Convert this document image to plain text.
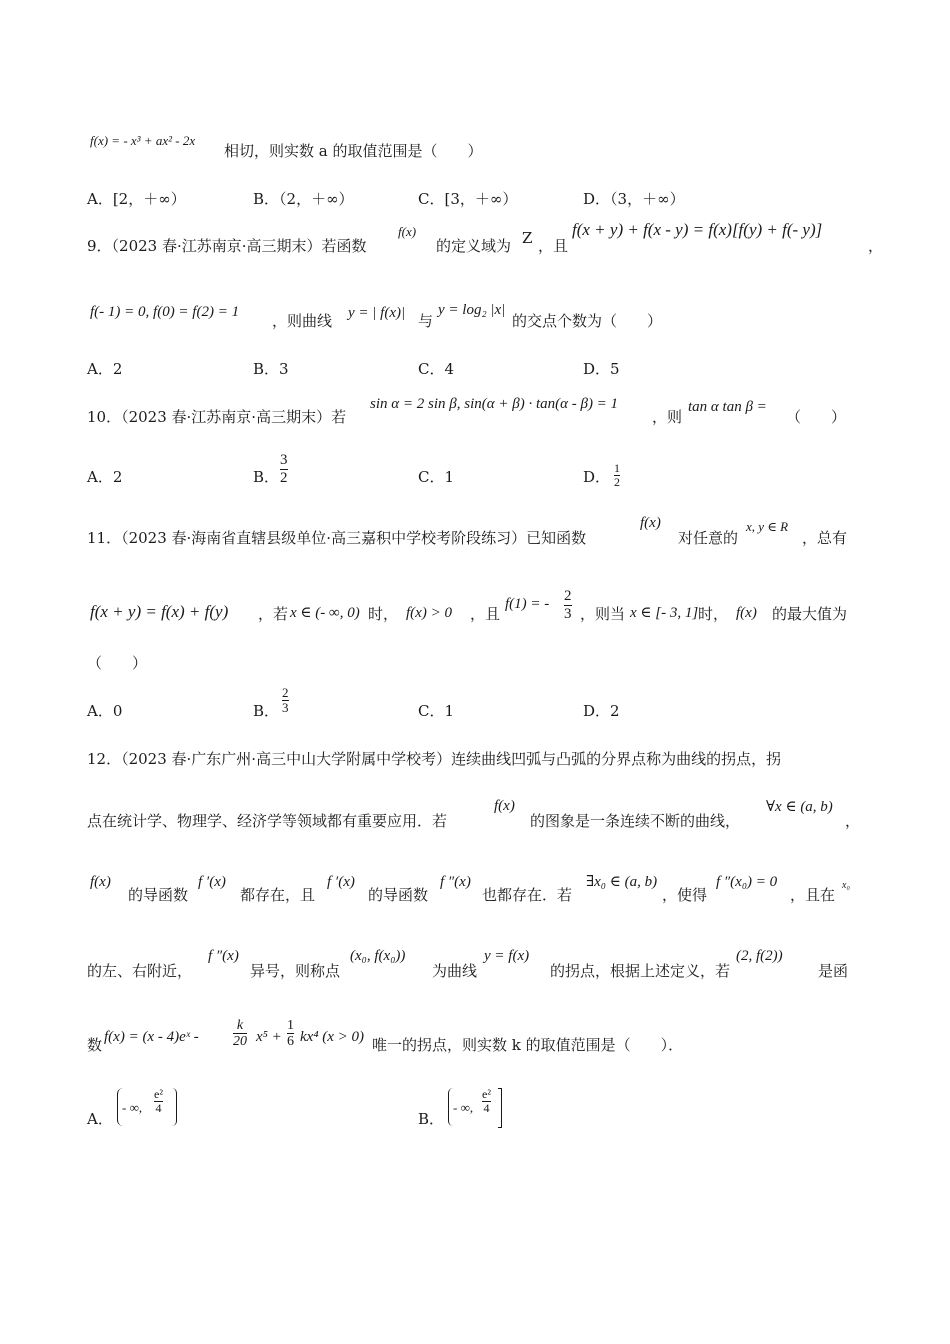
f(x) = - x³ + ax² - 2x
相切，则实数 a 的取值范围是（　　）
A．[2，＋∞）	B．（2，＋∞）	C．[3，＋∞）	D．（3，＋∞）
9．（2023 春·江苏南京·高三期末）若函数
f(x)
的定义域为 Z ，且
f(x + y) + f(x - y) = f(x)[f(y) + f(- y)]
，
f(- 1) = 0, f(0) = f(2) = 1 ，则曲线 y = | f(x)| 与
y = log₂ |x|
的交点个数为（　　）
A．2	B．3	C．4	D．5
10．（2023 春·江苏南京·高三期末）若
sin α = 2 sin β, sin(α + β) · tan(α - β) = 1
，则
tan α tan β =
（　　）
A．2	B．
3
2	C．1	D． 1
2
11．（2023 春·海南省直辖县级单位·高三嘉积中学校考阶段练习）已知函数
f(x)
对任意的
x, y ∈ R
，总有
f(x + y) = f(x) + f(y) ，若 x ∈ (- ∞, 0) 时， f(x) > 0 ，且
f(1) = - 2
3 ，则当 x ∈ [- 3, 1] 时， f(x) 的最大值为
（　　）
A．0	B．
2
3	C．1	D．2
12．（2023 春·广东广州·高三中山大学附属中学校考）连续曲线凹弧与凸弧的分界点称为曲线的拐点，拐
点在统计学、物理学、经济学等领域都有重要应用．若
f(x)
的图象是一条连续不断的曲线，
∀x ∈ (a, b)
，
f(x)
的导函数
f ′(x)
都存在，且
f ′(x)
的导函数
f ″(x)
也都存在．若
∃x₀ ∈ (a, b)
，使得
f ″(x₀) = 0
，且在
x₀
的左、右附近，
f ″(x)
异号，则称点
(x₀, f(x₀))
为曲线
y = f(x)
的拐点，根据上述定义，若
(2, f(2))
是函
数 f(x) = (x - 4)eˣ -
k
20 x⁵ +
1
6 kx⁴ (x > 0) 唯一的拐点，则实数 k 的取值范围是（　　）．
A．
- ∞,
e²
4
B．
- ∞,
e²
4
